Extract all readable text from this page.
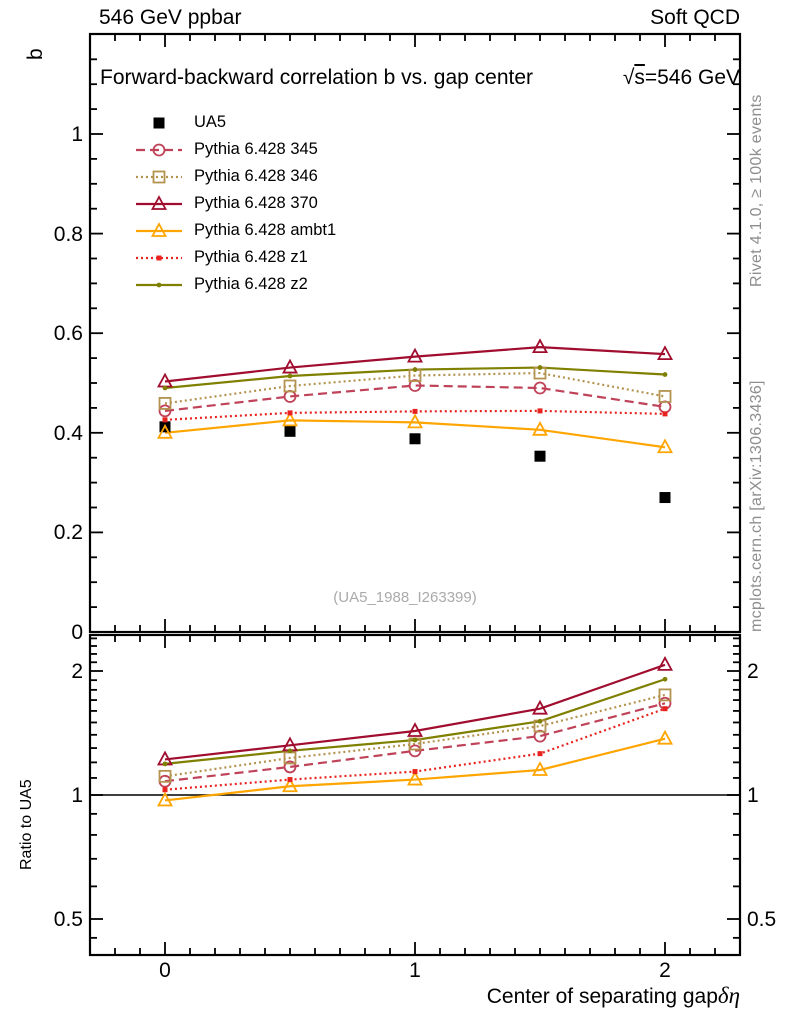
546 GeV ppbar	Soft QCD
Forward-backward correlation b vs. gap center	√s=546 GeV
b
Ratio to UA5
Center of separating gapδη
(UA5_1988_I263399)
Rivet 4.1.0, ≥ 100k events
mcplots.cern.ch [arXiv:1306.3436]
UA5
Pythia 6.428 345
Pythia 6.428 346
Pythia 6.428 370
Pythia 6.428 ambt1
Pythia 6.428 z1
Pythia 6.428 z2
0
0.2
0.4
0.6
0.8
1
0.5	0.5
1	1
2	2
0	1	2
